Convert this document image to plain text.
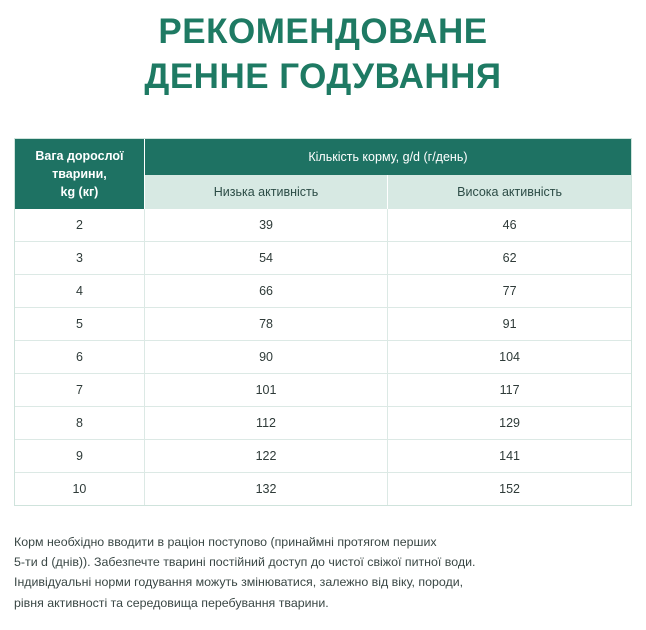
РЕКОМЕНДОВАНЕ
ДЕННЕ ГОДУВАННЯ
Вага дорослої
тварини,
kg (кг)	Кількість корму, g/d (г/день)	
	Низька активність	Висока активність
2	39	46
3	54	62
4	66	77
5	78	91
6	90	104
7	101	117
8	112	129
9	122	141
10	132	152
Корм необхідно вводити в раціон поступово (принаймні протягом перших
5-ти d (днів)). Забезпечте тварині постійний доступ до чистої свіжої питної води.
Індивідуальні норми годування можуть змінюватися, залежно від віку, породи,
рівня активності та середовища перебування тварини.
